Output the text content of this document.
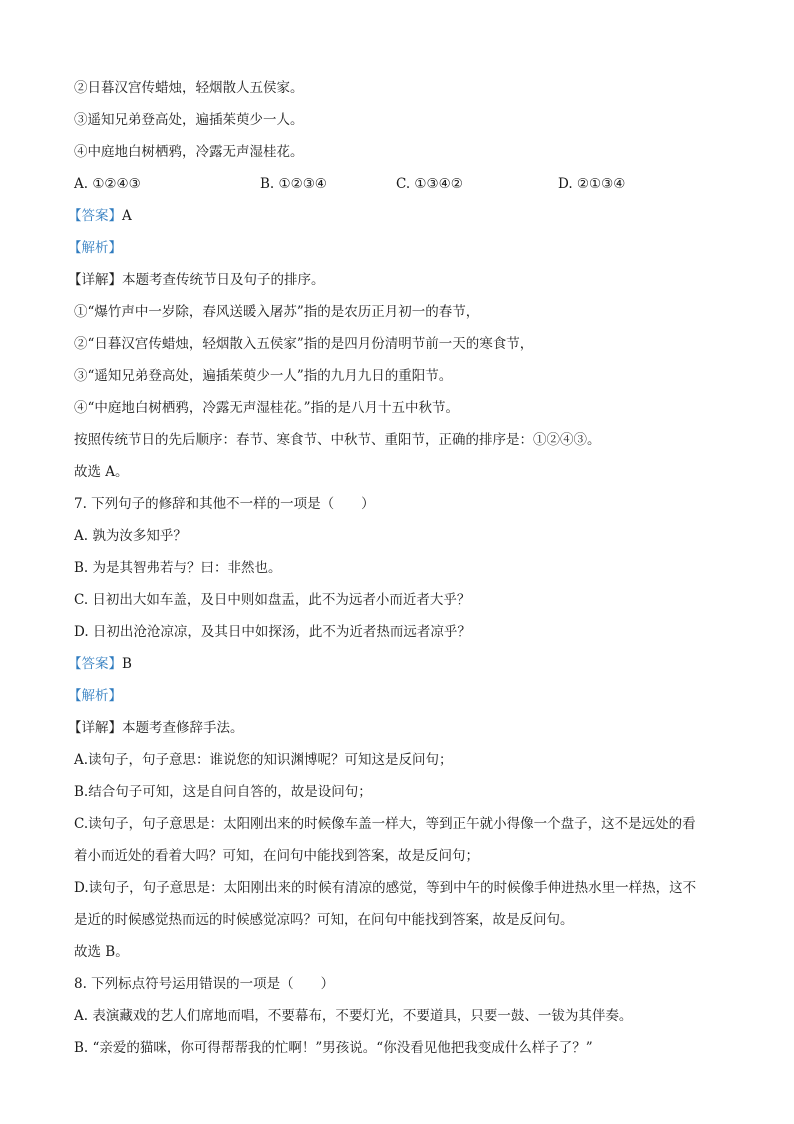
②日暮汉宫传蜡烛，轻烟散人五侯家。
③遥知兄弟登高处，遍插茱萸少一人。
④中庭地白树栖鸦，冷露无声湿桂花。
A. ①②④③	B. ①②③④	C. ①③④②	D. ②①③④
【答案】A
【解析】
【详解】本题考查传统节日及句子的排序。
①“爆竹声中一岁除，春风送暖入屠苏”指的是农历正月初一的春节，
②“日暮汉宫传蜡烛，轻烟散入五侯家”指的是四月份清明节前一天的寒食节，
③“遥知兄弟登高处，遍插茱萸少一人”指的九月九日的重阳节。
④“中庭地白树栖鸦，冷露无声湿桂花。”指的是八月十五中秋节。
按照传统节日的先后顺序：春节、寒食节、中秋节、重阳节，正确的排序是：①②④③。
故选 A。
7. 下列句子的修辞和其他不一样的一项是（　　）
A. 孰为汝多知乎？
B. 为是其智弗若与？曰：非然也。
C. 日初出大如车盖，及日中则如盘盂，此不为远者小而近者大乎？
D. 日初出沧沧凉凉，及其日中如探汤，此不为近者热而远者凉乎？
【答案】B
【解析】
【详解】本题考查修辞手法。
A.读句子，句子意思：谁说您的知识渊博呢？可知这是反问句；
B.结合句子可知，这是自问自答的，故是设问句；
C.读句子，句子意思是：太阳刚出来的时候像车盖一样大，等到正午就小得像一个盘子，这不是远处的看
着小而近处的看着大吗？可知，在问句中能找到答案，故是反问句；
D.读句子，句子意思是：太阳刚出来的时候有清凉的感觉，等到中午的时候像手伸进热水里一样热，这不
是近的时候感觉热而远的时候感觉凉吗？可知，在问句中能找到答案，故是反问句。
故选 B。
8. 下列标点符号运用错误的一项是（　　）
A. 表演藏戏的艺人们席地而唱，不要幕布，不要灯光，不要道具，只要一鼓、一钹为其伴奏。
B. “亲爱的猫咪，你可得帮帮我的忙啊！”男孩说。“你没看见他把我变成什么样子了？”
